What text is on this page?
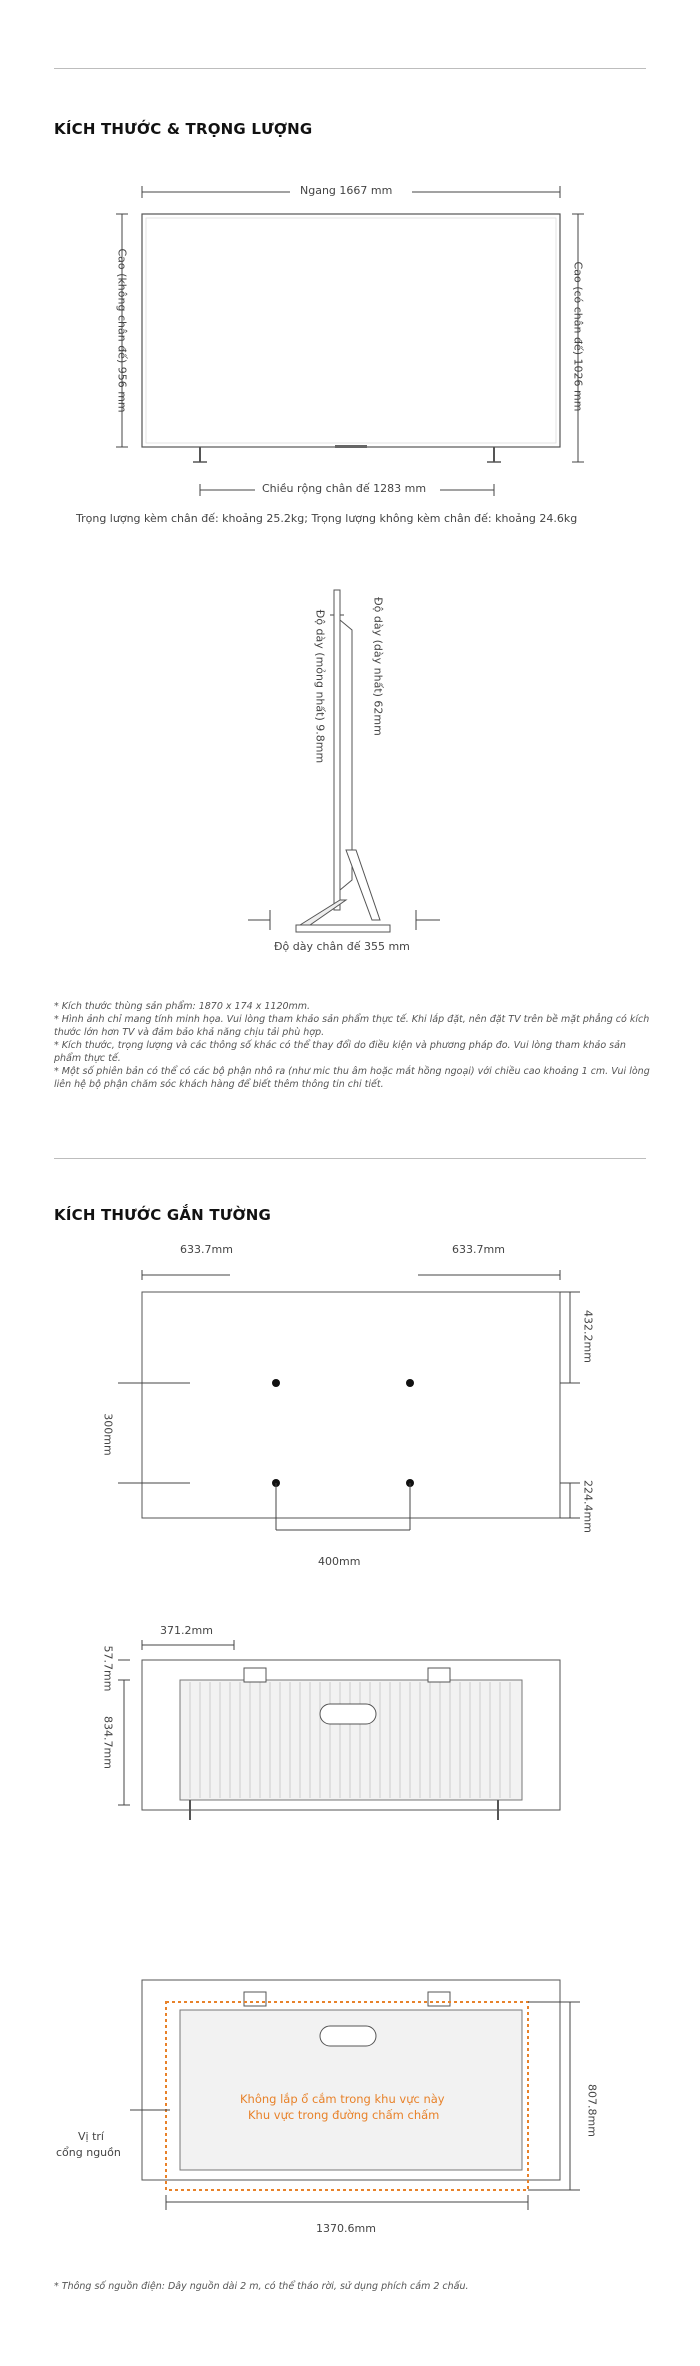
KÍCH THƯỚC & TRỌNG LƯỢNG
Ngang 1667 mm
Cao (không chân đế) 956 mm	Cao (có chân đế) 1026 mm
Chiều rộng chân đế 1283 mm
Trọng lượng kèm chân đế: khoảng 25.2kg; Trọng lượng không kèm chân đế: khoảng 24.6kg
Độ dày (mỏng nhất) 9.8mm	Độ dày (dày nhất) 62mm
Độ dày chân đế 355 mm

* Kích thước thùng sản phẩm: 1870 x 174 x 1120mm.

* Hình ảnh chỉ mang tính minh họa. Vui lòng tham khảo sản phẩm thực tế. Khi lắp đặt, nên đặt TV trên bề mặt phẳng có kích thước lớn hơn TV và đảm bảo khả năng chịu tải phù hợp.

* Kích thước, trọng lượng và các thông số khác có thể thay đổi do điều kiện và phương pháp đo. Vui lòng tham khảo sản phẩm thực tế.

* Một số phiên bản có thể có các bộ phận nhô ra (như mic thu âm hoặc mắt hồng ngoại) với chiều cao khoảng 1 cm. Vui lòng liên hệ bộ phận chăm sóc khách hàng để biết thêm thông tin chi tiết.

KÍCH THƯỚC GẮN TƯỜNG
633.7mm	633.7mm
432.2mm
224.4mm
300mm
400mm
371.2mm
57.7mm
834.7mm
Không lắp ổ cắm trong khu vực này
Khu vực trong đường chấm chấm
Vị trí
cổng nguồn
807.8mm
1370.6mm
* Thông số nguồn điện: Dây nguồn dài 2 m, có thể tháo rời, sử dụng phích cắm 2 chấu.
